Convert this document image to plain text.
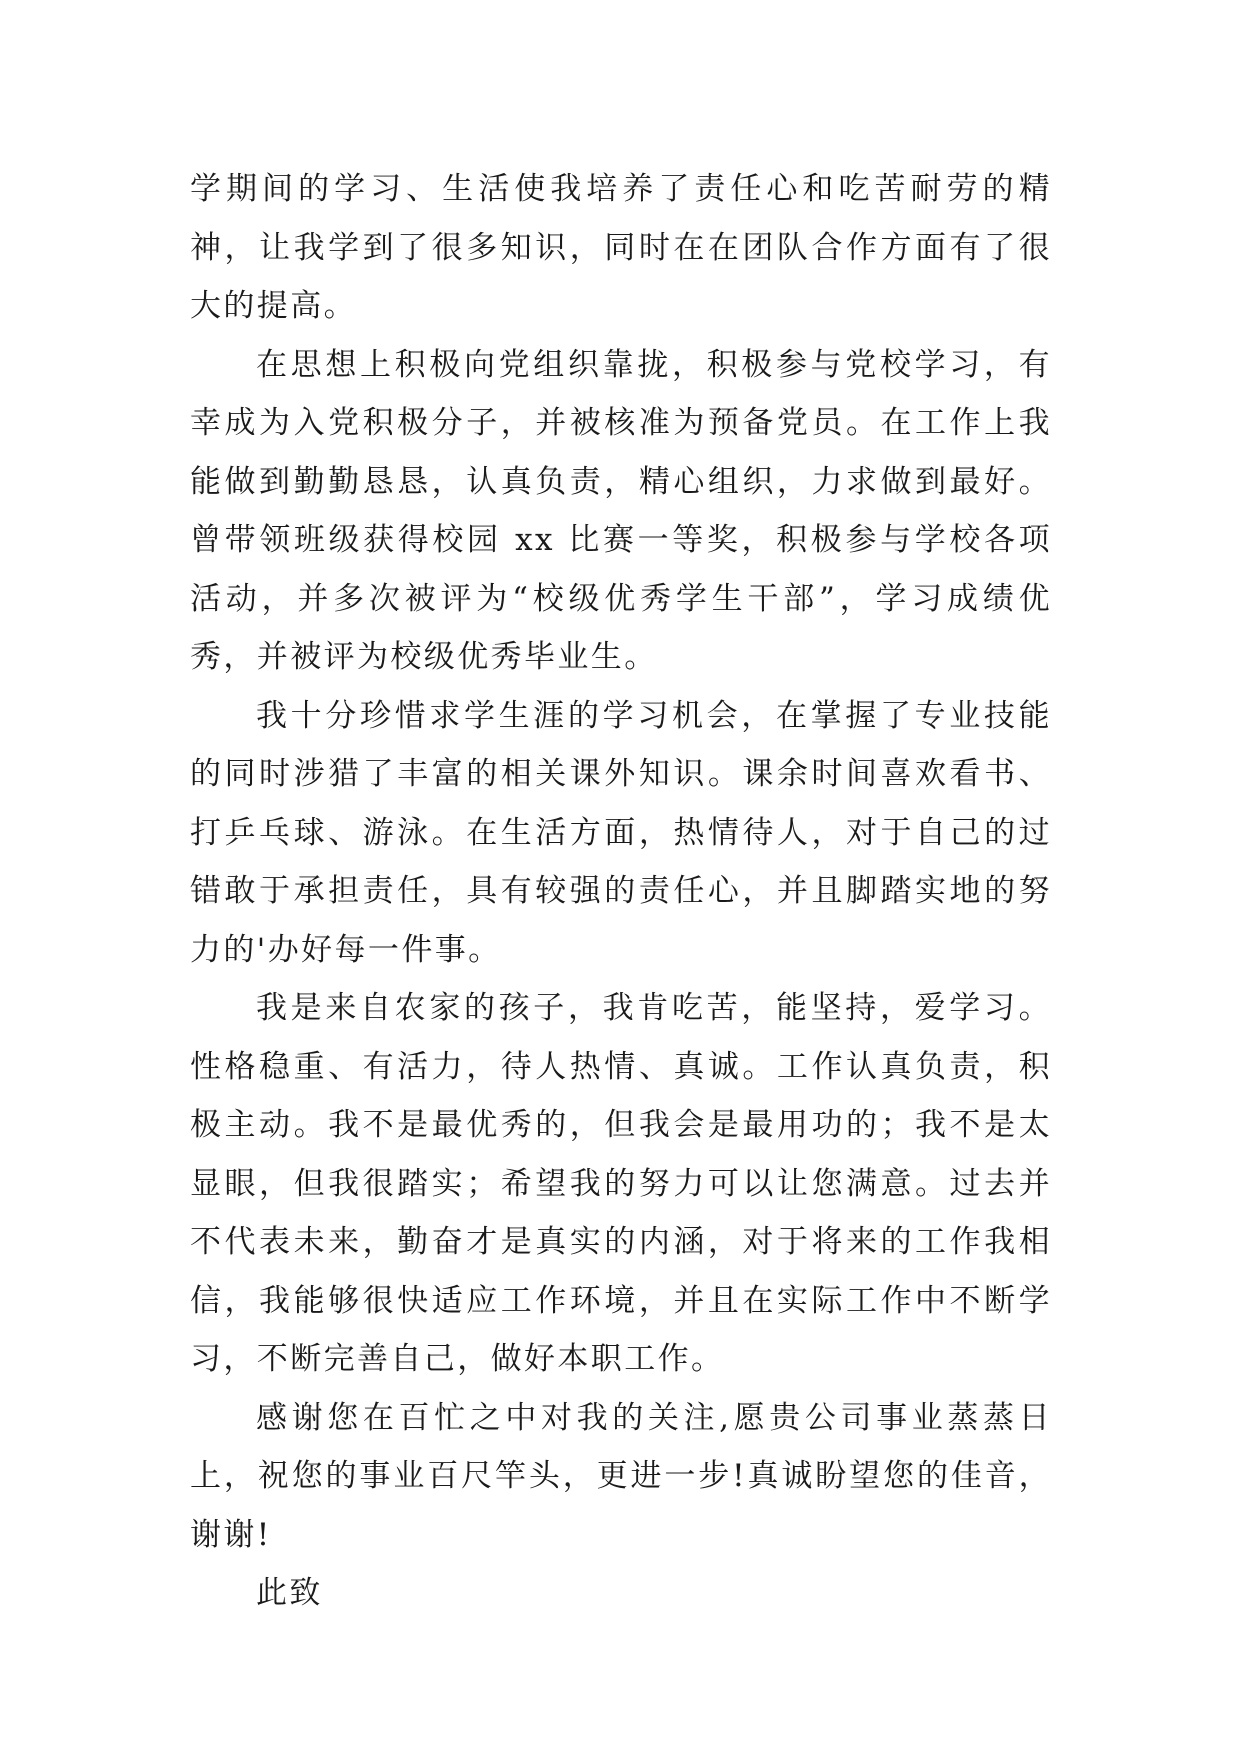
学期间的学习、生活使我培养了责任心和吃苦耐劳的精神，让我学到了很多知识，同时在在团队合作方面有了很大的提高。

在思想上积极向党组织靠拢，积极参与党校学习，有幸成为入党积极分子，并被核准为预备党员。在工作上我能做到勤勤恳恳，认真负责，精心组织，力求做到最好。曾带领班级获得校园 xx 比赛一等奖，积极参与学校各项活动，并多次被评为“校级优秀学生干部”，学习成绩优秀，并被评为校级优秀毕业生。

我十分珍惜求学生涯的学习机会，在掌握了专业技能的同时涉猎了丰富的相关课外知识。课余时间喜欢看书、打乒乓球、游泳。在生活方面，热情待人，对于自己的过错敢于承担责任，具有较强的责任心，并且脚踏实地的努力的'办好每一件事。

我是来自农家的孩子，我肯吃苦，能坚持，爱学习。性格稳重、有活力，待人热情、真诚。工作认真负责，积极主动。我不是最优秀的，但我会是最用功的；我不是太显眼，但我很踏实；希望我的努力可以让您满意。过去并不代表未来，勤奋才是真实的内涵，对于将来的工作我相信，我能够很快适应工作环境，并且在实际工作中不断学习，不断完善自己，做好本职工作。

感谢您在百忙之中对我的关注,愿贵公司事业蒸蒸日上，祝您的事业百尺竿头，更进一步!真诚盼望您的佳音，谢谢!

此致
